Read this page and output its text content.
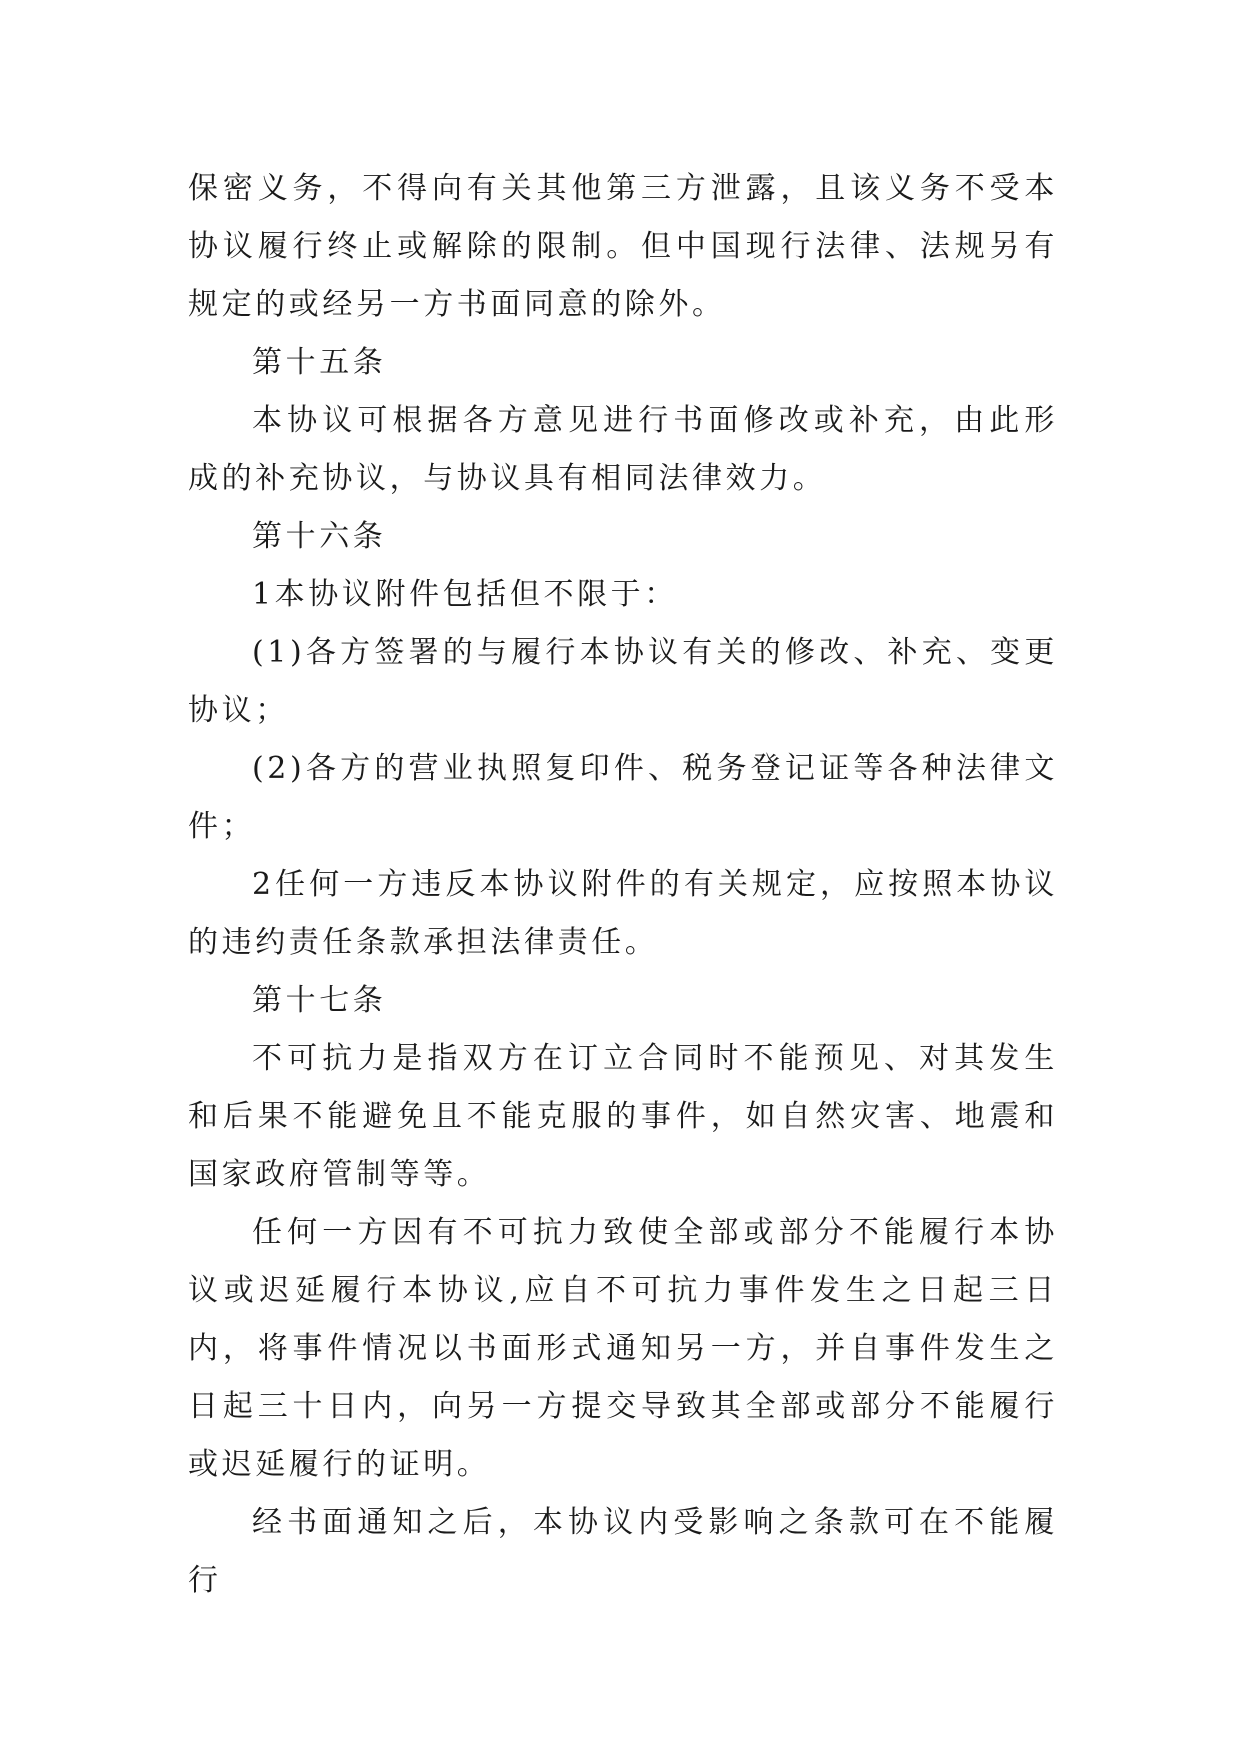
保密义务，不得向有关其他第三方泄露，且该义务不受本协议履行终止或解除的限制。但中国现行法律、法规另有规定的或经另一方书面同意的除外。

第十五条

本协议可根据各方意见进行书面修改或补充，由此形成的补充协议，与协议具有相同法律效力。

第十六条

1本协议附件包括但不限于：

(1)各方签署的与履行本协议有关的修改、补充、变更协议；

(2)各方的营业执照复印件、税务登记证等各种法律文件；

2任何一方违反本协议附件的有关规定，应按照本协议的违约责任条款承担法律责任。

第十七条

不可抗力是指双方在订立合同时不能预见、对其发生和后果不能避免且不能克服的事件，如自然灾害、地震和国家政府管制等等。

任何一方因有不可抗力致使全部或部分不能履行本协议或迟延履行本协议,应自不可抗力事件发生之日起三日内，将事件情况以书面形式通知另一方，并自事件发生之日起三十日内，向另一方提交导致其全部或部分不能履行或迟延履行的证明。

经书面通知之后，本协议内受影响之条款可在不能履行
